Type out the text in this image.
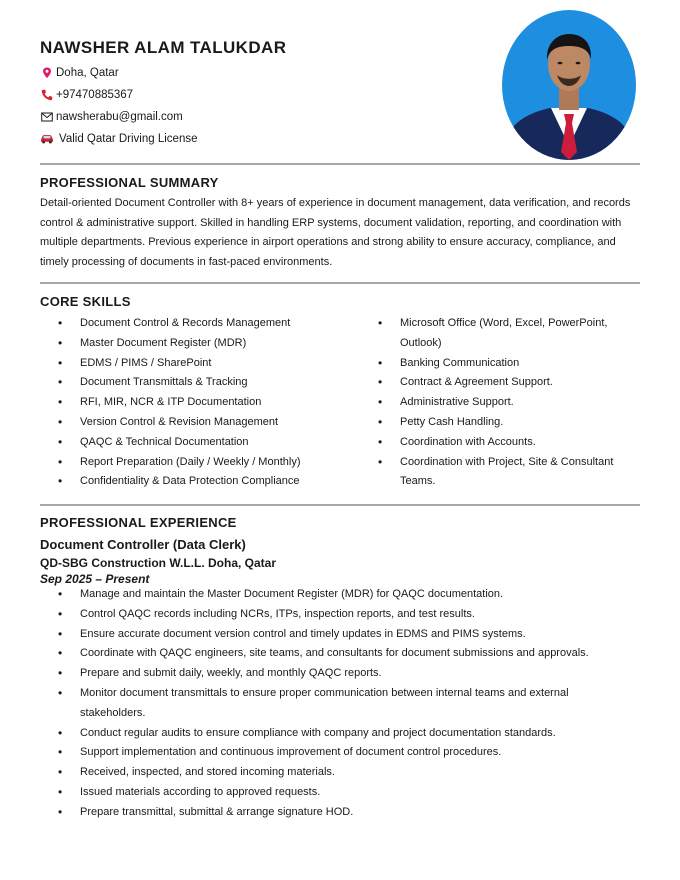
NAWSHER ALAM TALUKDAR
Doha, Qatar
+97470885367
nawsherabu@gmail.com
Valid Qatar Driving License
PROFESSIONAL SUMMARY

Detail-oriented Document Controller with 8+ years of experience in document management, data verification, and records control & administrative support. Skilled in handling ERP systems, document validation, reporting, and coordination with multiple departments. Previous experience in airport operations and strong ability to ensure accuracy, compliance, and timely processing of documents in fast-paced environments.

CORE SKILLS
• Document Control & Records Management
• Master Document Register (MDR)
• EDMS / PIMS / SharePoint
• Document Transmittals & Tracking
• RFI, MIR, NCR & ITP Documentation
• Version Control & Revision Management
• QAQC & Technical Documentation
• Report Preparation (Daily / Weekly / Monthly)
• Confidentiality & Data Protection Compliance
• Microsoft Office (Word, Excel, PowerPoint, Outlook)
• Banking Communication
• Contract & Agreement Support.
• Administrative Support.
• Petty Cash Handling.
• Coordination with Accounts.
• Coordination with Project, Site & Consultant Teams.
PROFESSIONAL EXPERIENCE
Document Controller (Data Clerk)
QD-SBG Construction W.L.L. Doha, Qatar
Sep 2025 – Present
• Manage and maintain the Master Document Register (MDR) for QAQC documentation.
• Control QAQC records including NCRs, ITPs, inspection reports, and test results.
• Ensure accurate document version control and timely updates in EDMS and PIMS systems.
• Coordinate with QAQC engineers, site teams, and consultants for document submissions and approvals.
• Prepare and submit daily, weekly, and monthly QAQC reports.
• Monitor document transmittals to ensure proper communication between internal teams and external stakeholders.
• Conduct regular audits to ensure compliance with company and project documentation standards.
• Support implementation and continuous improvement of document control procedures.
• Received, inspected, and stored incoming materials.
• Issued materials according to approved requests.
• Prepare transmittal, submittal & arrange signature HOD.
